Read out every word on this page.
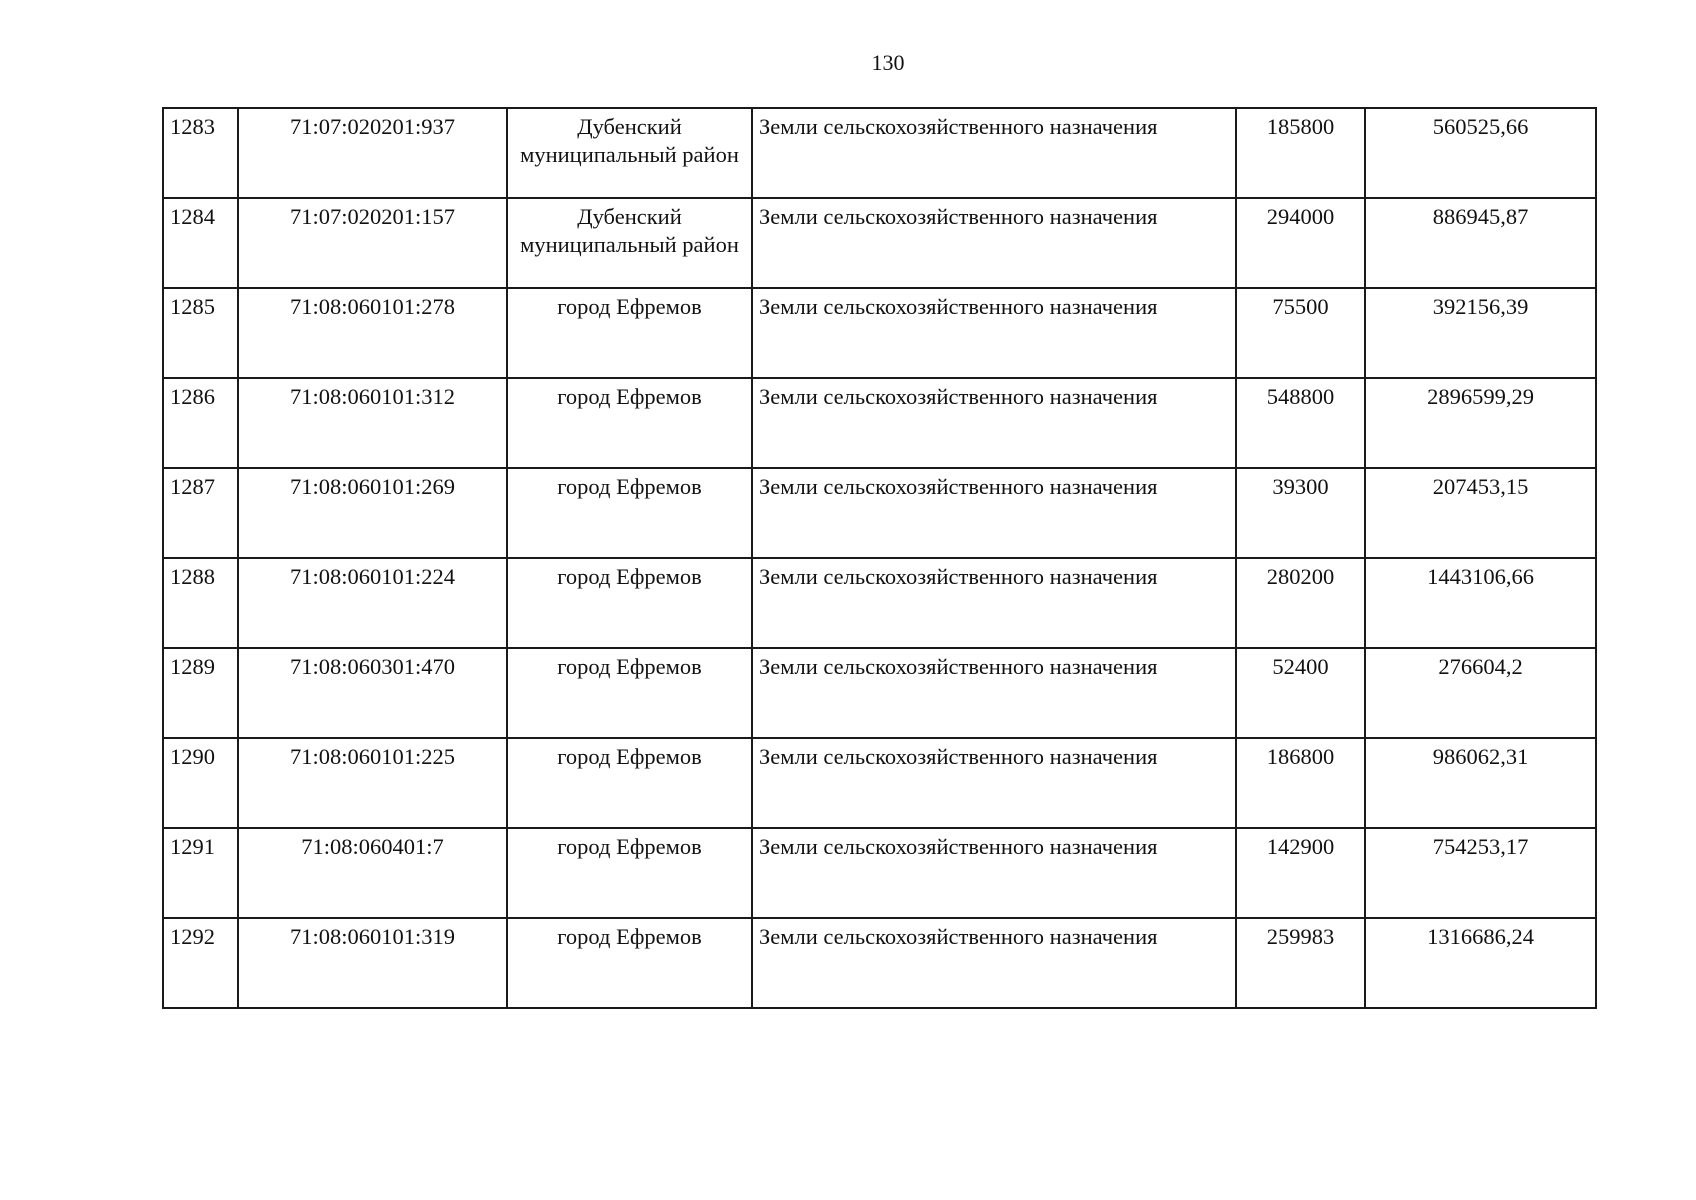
130
1283	71:07:020201:937	Дубенский муниципальный район	Земли сельскохозяйственного назначения	185800	560525,66
1284	71:07:020201:157	Дубенский муниципальный район	Земли сельскохозяйственного назначения	294000	886945,87
1285	71:08:060101:278	город Ефремов	Земли сельскохозяйственного назначения	75500	392156,39
1286	71:08:060101:312	город Ефремов	Земли сельскохозяйственного назначения	548800	2896599,29
1287	71:08:060101:269	город Ефремов	Земли сельскохозяйственного назначения	39300	207453,15
1288	71:08:060101:224	город Ефремов	Земли сельскохозяйственного назначения	280200	1443106,66
1289	71:08:060301:470	город Ефремов	Земли сельскохозяйственного назначения	52400	276604,2
1290	71:08:060101:225	город Ефремов	Земли сельскохозяйственного назначения	186800	986062,31
1291	71:08:060401:7	город Ефремов	Земли сельскохозяйственного назначения	142900	754253,17
1292	71:08:060101:319	город Ефремов	Земли сельскохозяйственного назначения	259983	1316686,24
